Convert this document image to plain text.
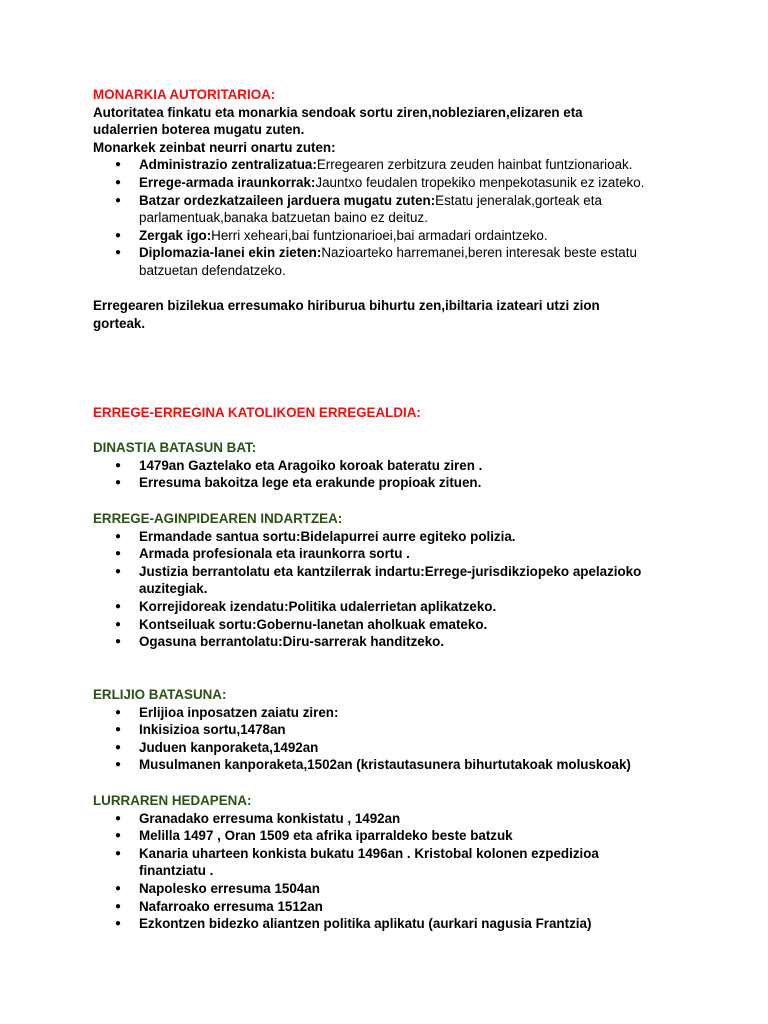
MONARKIA AUTORITARIOA:

Autoritatea finkatu eta monarkia sendoak sortu ziren,nobleziaren,elizaren eta

udalerrien boterea mugatu zuten.

Monarkek zeinbat neurri onartu zuten:

● Administrazio zentralizatua:Erregearen zerbitzura zeuden hainbat funtzionarioak.
● Errege-armada iraunkorrak:Jauntxo feudalen tropekiko menpekotasunik ez izateko.
● Batzar ordezkatzaileen jarduera mugatu zuten:Estatu jeneralak,gorteak eta parlamentuak,banaka batzuetan baino ez deituz.
● Zergak igo:Herri xeheari,bai funtzionarioei,bai armadari ordaintzeko.
● Diplomazia-lanei ekin zieten:Nazioarteko harremanei,beren interesak beste estatu batzuetan defendatzeko.

Erregearen bizilekua erresumako hiriburua bihurtu zen,ibiltaria izateari utzi zion

gorteak.

ERREGE-ERREGINA KATOLIKOEN ERREGEALDIA:

DINASTIA BATASUN BAT:

● 1479an Gaztelako eta Aragoiko koroak bateratu ziren .
● Erresuma bakoitza lege eta erakunde propioak zituen.

ERREGE-AGINPIDEAREN INDARTZEA:

● Ermandade santua sortu:Bidelapurrei aurre egiteko polizia.
● Armada profesionala eta iraunkorra sortu .
● Justizia berrantolatu eta kantzilerrak indartu:Errege-jurisdikziopeko apelazioko auzitegiak.
● Korrejidoreak izendatu:Politika udalerrietan aplikatzeko.
● Kontseiluak sortu:Gobernu-lanetan aholkuak emateko.
● Ogasuna berrantolatu:Diru-sarrerak handitzeko.

ERLIJIO BATASUNA:

● Erlijioa inposatzen zaiatu ziren:
● Inkisizioa sortu,1478an
● Juduen kanporaketa,1492an
● Musulmanen kanporaketa,1502an (kristautasunera bihurtutakoak moluskoak)

LURRAREN HEDAPENA:

● Granadako erresuma konkistatu , 1492an
● Melilla 1497 , Oran 1509 eta afrika iparraldeko beste batzuk
● Kanaria uharteen konkista bukatu 1496an . Kristobal kolonen ezpedizioa finantziatu .
● Napolesko erresuma 1504an
● Nafarroako erresuma 1512an
● Ezkontzen bidezko aliantzen politika aplikatu (aurkari nagusia Frantzia)
